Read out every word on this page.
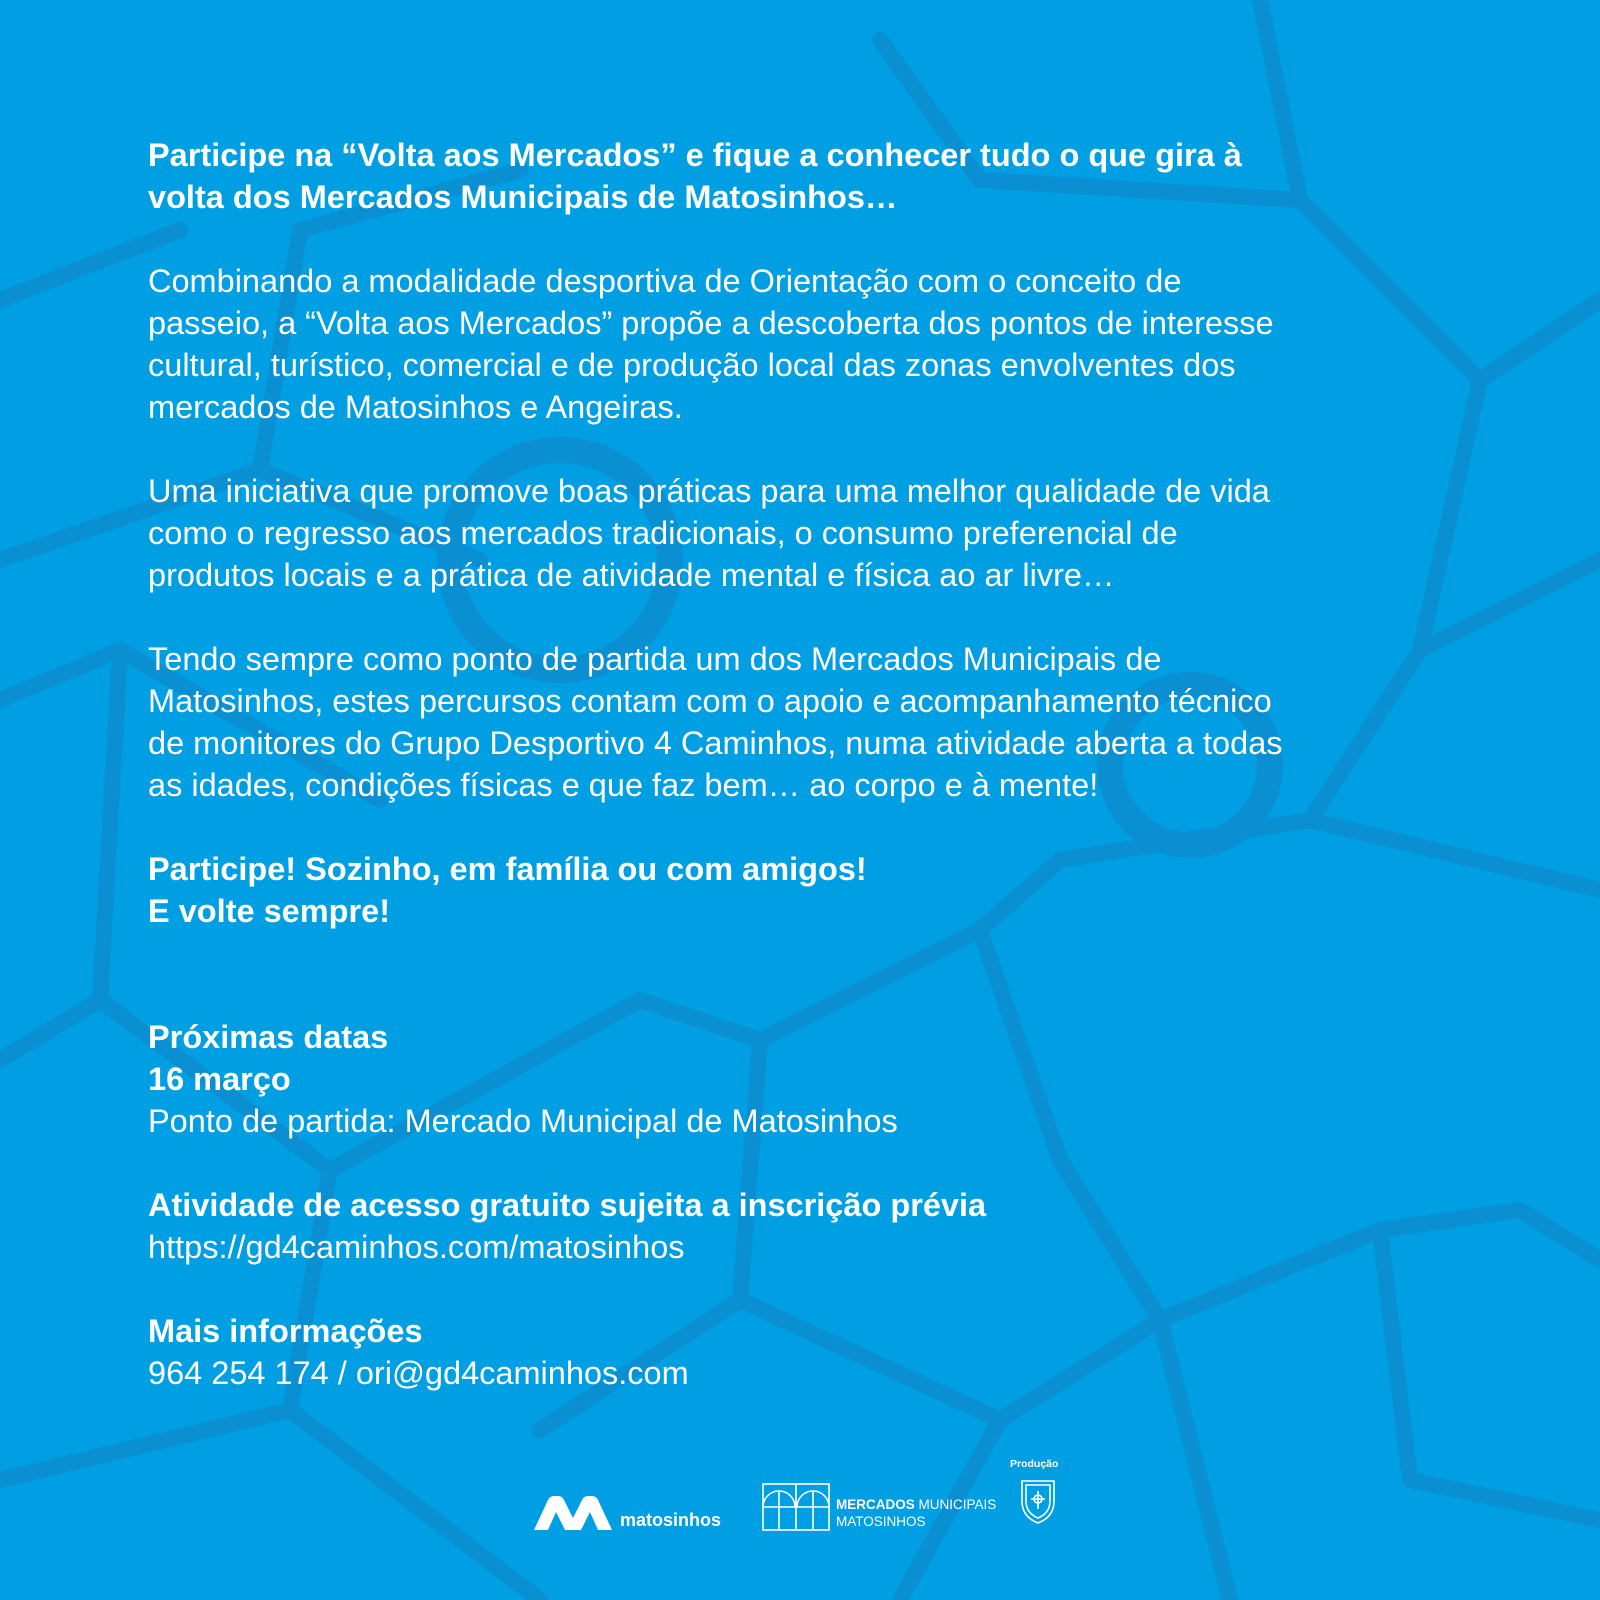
Participe na “Volta aos Mercados” e fique a conhecer tudo o que gira à

volta dos Mercados Municipais de Matosinhos…

Combinando a modalidade desportiva de Orientação com o conceito de

passeio, a “Volta aos Mercados” propõe a descoberta dos pontos de interesse

cultural, turístico, comercial e de produção local das zonas envolventes dos

mercados de Matosinhos e Angeiras.

Uma iniciativa que promove boas práticas para uma melhor qualidade de vida

como o regresso aos mercados tradicionais, o consumo preferencial de

produtos locais e a prática de atividade mental e física ao ar livre…

Tendo sempre como ponto de partida um dos Mercados Municipais de

Matosinhos, estes percursos contam com o apoio e acompanhamento técnico

de monitores do Grupo Desportivo 4 Caminhos, numa atividade aberta a todas

as idades, condições físicas e que faz bem… ao corpo e à mente!

Participe! Sozinho, em família ou com amigos!

E volte sempre!

Próximas datas

16 março

Ponto de partida: Mercado Municipal de Matosinhos

Atividade de acesso gratuito sujeita a inscrição prévia

https://gd4caminhos.com/matosinhos

Mais informações

964 254 174 / ori@gd4caminhos.com

matosinhos
MERCADOS MUNICIPAIS
MATOSINHOS
Produção
